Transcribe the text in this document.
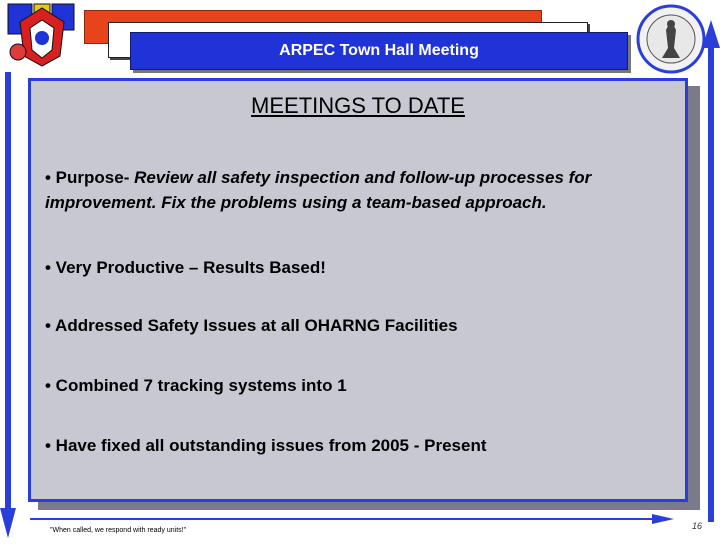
ARPEC Town Hall Meeting
MEETINGS TO DATE
• Purpose- Review all safety inspection and follow-up processes for improvement. Fix the problems using a team-based approach.
• Very Productive – Results Based!
• Addressed Safety Issues at all OHARNG Facilities
• Combined 7 tracking systems into 1
• Have fixed all outstanding issues from 2005 - Present
"When called, we respond with ready units!"	16
